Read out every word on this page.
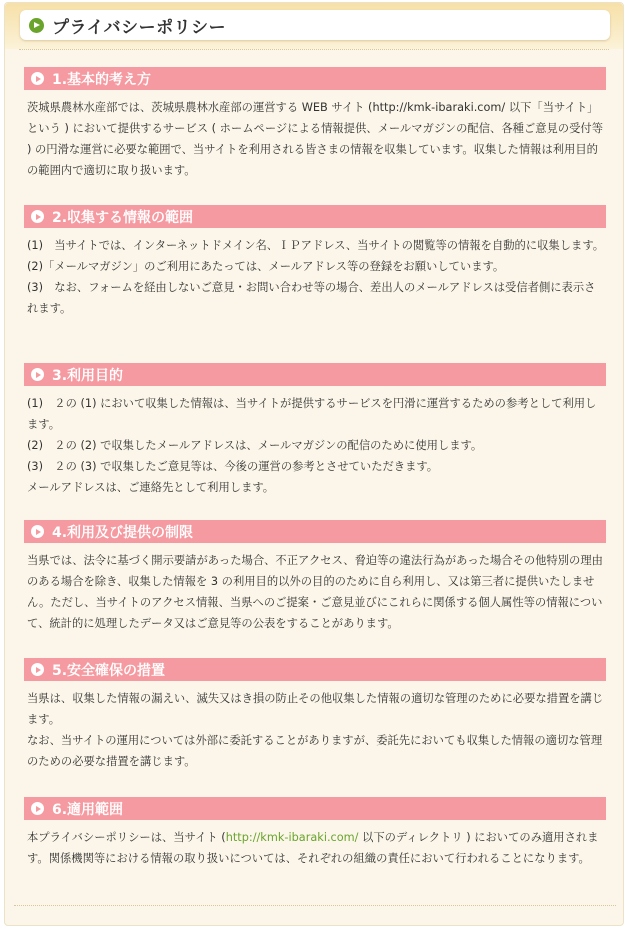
プライバシーポリシー
1.基本的考え方

茨城県農林水産部では、茨城県農林水産部の運営する WEB サイト (http://kmk-ibaraki.com/ 以下「当サイト」という ) において提供するサービス ( ホームページによる情報提供、メールマガジンの配信、各種ご意見の受付等 ) の円滑な運営に必要な範囲で、当サイトを利用される皆さまの情報を収集しています。収集した情報は利用目的の範囲内で適切に取り扱います。

2.収集する情報の範囲

(1)　当サイトでは、インターネットドメイン名、ＩＰアドレス、当サイトの閲覧等の情報を自動的に収集します。

(2)「メールマガジン」のご利用にあたっては、メールアドレス等の登録をお願いしています。

(3)　なお、フォームを経由しないご意見・お問い合わせ等の場合、差出人のメールアドレスは受信者側に表示されます。

3.利用目的

(1)　２の (1) において収集した情報は、当サイトが提供するサービスを円滑に運営するための参考として利用します。

(2)　２の (2) で収集したメールアドレスは、メールマガジンの配信のために使用します。

(3)　２の (3) で収集したご意見等は、今後の運営の参考とさせていただきます。

メールアドレスは、ご連絡先として利用します。

4.利用及び提供の制限

当県では、法令に基づく開示要請があった場合、不正アクセス、脅迫等の違法行為があった場合その他特別の理由のある場合を除き、収集した情報を 3 の利用目的以外の目的のために自ら利用し、又は第三者に提供いたしません。ただし、当サイトのアクセス情報、当県へのご提案・ご意見並びにこれらに関係する個人属性等の情報について、統計的に処理したデータ又はご意見等の公表をすることがあります。

5.安全確保の措置

当県は、収集した情報の漏えい、滅失又はき損の防止その他収集した情報の適切な管理のために必要な措置を講じます。

なお、当サイトの運用については外部に委託することがありますが、委託先においても収集した情報の適切な管理のための必要な措置を講じます。

6.適用範囲

本プライバシーポリシーは、当サイト (http://kmk-ibaraki.com/ 以下のディレクトリ ) においてのみ適用されます。関係機関等における情報の取り扱いについては、それぞれの組織の責任において行われることになります。
